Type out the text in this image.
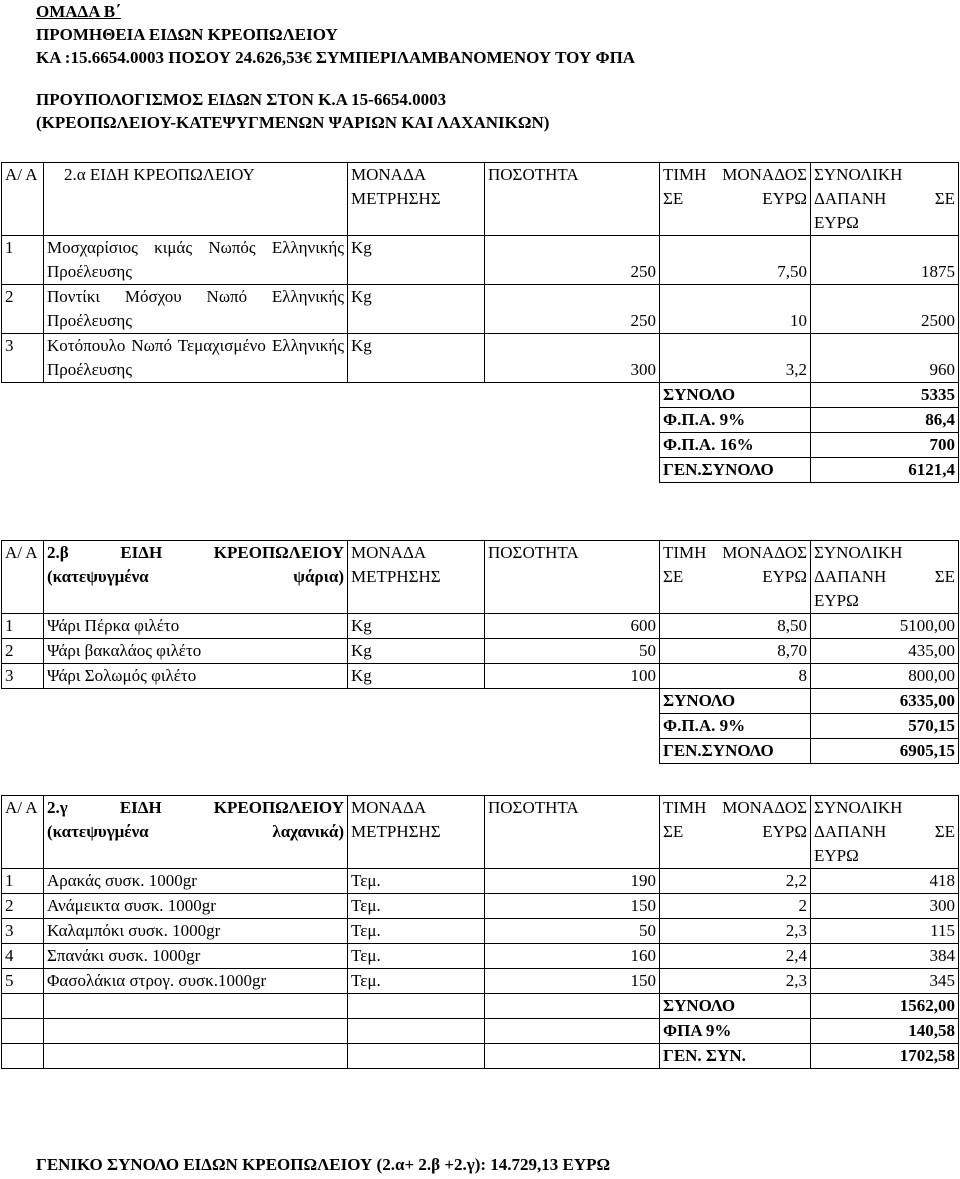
ΟΜΑΔΑ Β΄
ΠΡΟΜΗΘΕΙΑ ΕΙΔΩΝ ΚΡΕΟΠΩΛΕΙΟΥ
ΚΑ :15.6654.0003 ΠΟΣΟΥ 24.626,53€ ΣΥΜΠΕΡΙΛΑΜΒΑΝΟΜΕΝΟΥ ΤΟΥ ΦΠΑ
ΠΡΟΥΠΟΛΟΓΙΣΜΟΣ ΕΙΔΩΝ ΣΤΟΝ Κ.Α 15-6654.0003
(ΚΡΕΟΠΩΛΕΙΟΥ-ΚΑΤΕΨΥΓΜΕΝΩΝ ΨΑΡΙΩΝ ΚΑΙ ΛΑΧΑΝΙΚΩΝ)
Α/ Α	2.α ΕΙΔΗ ΚΡΕΟΠΩΛΕΙΟΥ	ΜΟΝΑΔΑ ΜΕΤΡΗΣΗΣ	ΠΟΣΟΤΗΤΑ	ΤΙΜΗ ΜΟΝΑΔΟΣ ΣΕ ΕΥΡΩ	ΣΥΝΟΛΙΚΗ ΔΑΠΑΝΗ ΣΕ ΕΥΡΩ
1	Μοσχαρίσιος κιμάς Νωπός Ελληνικής Προέλευσης	Kg	250	7,50	1875
2	Ποντίκι Μόσχου Νωπό Ελληνικής Προέλευσης	Kg	250	10	2500
3	Κοτόπουλο Νωπό Τεμαχισμένο Ελληνικής Προέλευσης	Kg	300	3,2	960
				ΣΥΝΟΛΟ	5335
				Φ.Π.Α. 9%	86,4
				Φ.Π.Α. 16%	700
				ΓΕΝ.ΣΥΝΟΛΟ	6121,4
Α/ Α	2.β ΕΙΔΗ ΚΡΕΟΠΩΛΕΙΟΥ (κατεψυγμένα ψάρια)	ΜΟΝΑΔΑ ΜΕΤΡΗΣΗΣ	ΠΟΣΟΤΗΤΑ	ΤΙΜΗ ΜΟΝΑΔΟΣ ΣΕ ΕΥΡΩ	ΣΥΝΟΛΙΚΗ ΔΑΠΑΝΗ ΣΕ ΕΥΡΩ
1	Ψάρι Πέρκα φιλέτο	Kg	600	8,50	5100,00
2	Ψάρι βακαλάος φιλέτο	Kg	50	8,70	435,00
3	Ψάρι Σολωμός φιλέτο	Kg	100	8	800,00
				ΣΥΝΟΛΟ	6335,00
				Φ.Π.Α. 9%	570,15
				ΓΕΝ.ΣΥΝΟΛΟ	6905,15
Α/ Α	2.γ ΕΙΔΗ ΚΡΕΟΠΩΛΕΙΟΥ (κατεψυγμένα λαχανικά)	ΜΟΝΑΔΑ ΜΕΤΡΗΣΗΣ	ΠΟΣΟΤΗΤΑ	ΤΙΜΗ ΜΟΝΑΔΟΣ ΣΕ ΕΥΡΩ	ΣΥΝΟΛΙΚΗ ΔΑΠΑΝΗ ΣΕ ΕΥΡΩ
1	Αρακάς συσκ. 1000gr	Τεμ.	190	2,2	418
2	Ανάμεικτα συσκ. 1000gr	Τεμ.	150	2	300
3	Καλαμπόκι συσκ. 1000gr	Τεμ.	50	2,3	115
4	Σπανάκι συσκ. 1000gr	Τεμ.	160	2,4	384
5	Φασολάκια στρογ. συσκ.1000gr	Τεμ.	150	2,3	345
				ΣΥΝΟΛΟ	1562,00
				ΦΠΑ 9%	140,58
				ΓΕΝ. ΣΥΝ.	1702,58
ΓΕΝΙΚΟ ΣΥΝΟΛΟ ΕΙΔΩΝ ΚΡΕΟΠΩΛΕΙΟΥ (2.α+ 2.β +2.γ): 14.729,13 ΕΥΡΩ
